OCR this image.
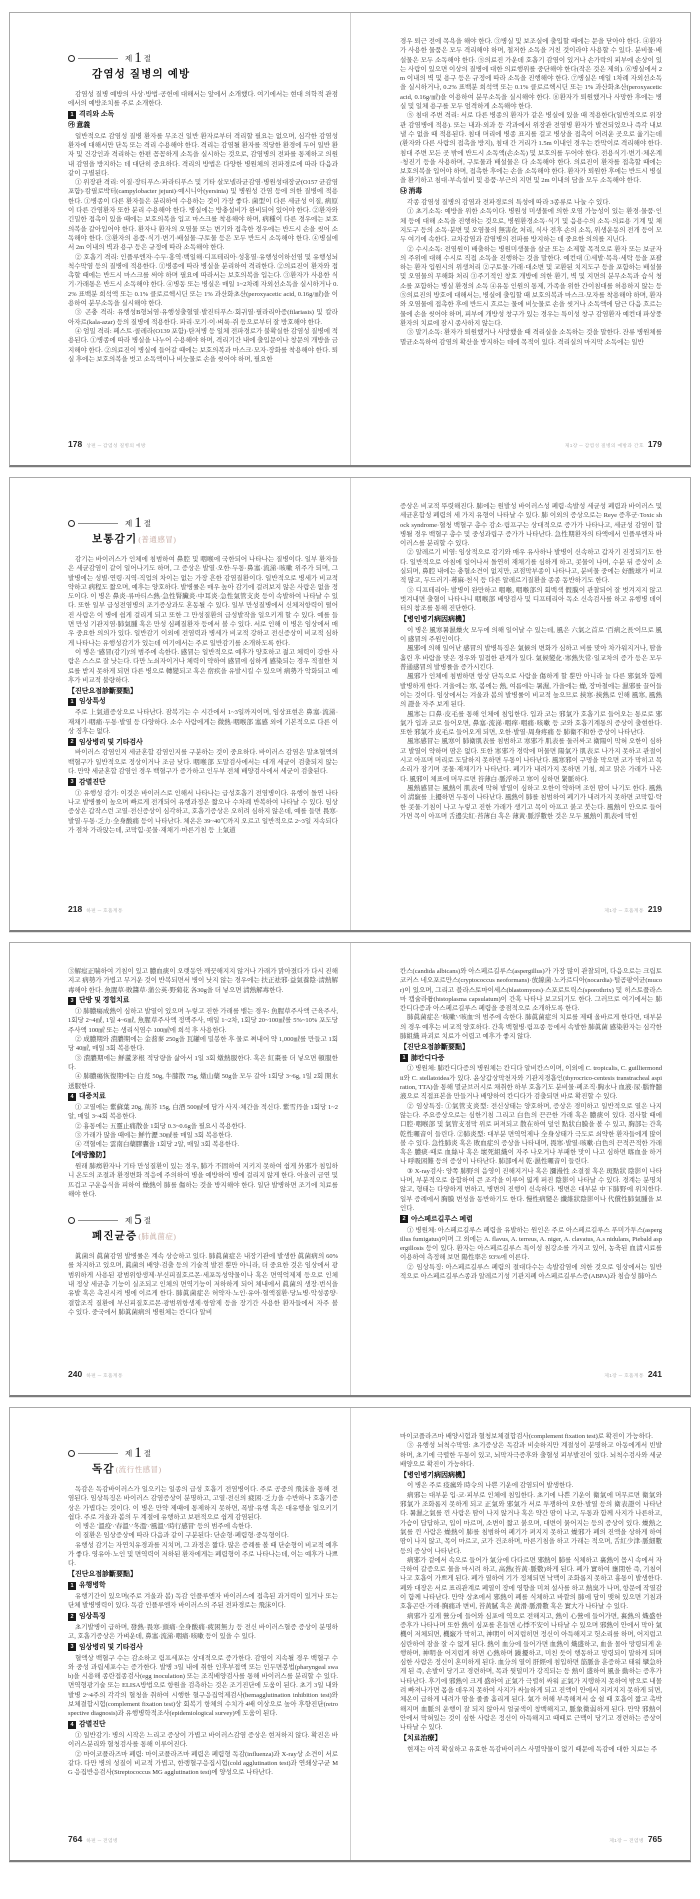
제 1 절
감염성 질병의 예방
감염성 질병 예방의 사상·방법·공헌에 대해서는 앞에서 소개했다. 여기에서는 현대 의학적 관점에서의 예방조치를 주로 소개한다.
1 격리와 소독
㉮ 意義
일반적으로 감염성 질병 환자를 무조건 일반 환자로부터 격리할 필요는 없으며, 심각한 감염성 환자에 대해서만 단독 또는 격리 수용해야 한다. 격리는 감염될 환자를 적당한 환경에 두어 일반 환자 및 건강인과 격리하는 한편 꼼꼼하게 소독을 실시하는 것으로, 감염병의 전파를 통제하고 의원 내 감염을 방지하는 데 대단히 중요하다. 격리의 방법은 다양한 병원체의 전파경로에 따라 다음과 같이 구별된다.
① 위장관 격리: 이질·장티푸스·파라티푸스 및 기타 살모넬라균감염·병원성대장균(O157 균감염 포함)·캄필로박터(campylobacter jejuni)·예시니아(yersinia) 및 병원성 간염 등에 의한 질병에 적용한다. ①병종이 다른 환자들은 분리하여 수용하는 것이 가장 좋다. 菌型이 다른 세균성 이질, 病原이 다른 간염환자 또한 분리 수용해야 한다. 병실에는 방충설비가 완비되어 있어야 한다. ②환자와 긴밀한 접촉이 있을 때에는 보호의복을 입고 마스크를 착용해야 하며, 病種이 다른 경우에는 보호의복을 갈아입어야 한다. 환자나 환자의 오염물 또는 변기와 접촉한 경우에는 반드시 손을 씻어 소독해야 한다. ③환자의 용품·식기·변기·배설물·구토물 등은 모두 반드시 소독해야 한다. ④병실에서 2m 이내의 벽과 용구 등은 규정에 따라 소독해야 한다.
② 호흡기 격리: 인플루엔자·수두·홍역·백일해·디프테리아·성홍열·유행성이하선염 및 유행성뇌척수막염 등의 질병에 적용한다. ①병종에 따라 병실을 분리하여 격리한다. ②의료진이 환자와 접촉할 때에는 반드시 마스크를 써야 하며 필요에 따라서는 보호의복을 입는다. ③환자가 사용한 식기·가래통은 반드시 소독해야 한다. ④병동 또는 병실은 매일 1~2차례 자외선소독을 실시하거나 0.2% 표백분 희석액 또는 0.1% 클로르헥시딘 또는 1% 과산화초산(peroxyacetic acid, 0.16g/㎖)을 이용하여 분무소독을 실시해야 한다.
③ 곤충 격리: 유행성B형뇌염·유행성출혈열·발진티푸스·회귀열·필라리아증(filariasis) 및 칼라아자르(kala-azar) 등의 질병에 적용한다. 파리·모기·이·벼룩·쥐 등으로부터 잘 방호해야 한다.
④ 엄밀 격리: 페스트·콜레라(O139 포함)·탄저병 등 일체 전파경로가 불확실한 감염성 질병에 적용된다. ①병종에 따라 병실을 나누어 수용해야 하며, 격리기간 내에 출입문이나 창문의 개방을 금지해야 한다. ②의료진이 병실에 들어갈 때에는 보호의복과 마스크·모자·장화를 착용해야 한다. 퇴실 후에는 보호의복을 벗고 소독액이나 비눗물로 손을 씻어야 하며, 필요한
178 상편 ─ 감염성 질병의 예방
경우 퇴근 전에 목욕을 해야 한다. ③병실 및 보조실에 출입할 때에는 문을 닫아야 한다. ④환자가 사용한 물품은 모두 격리해야 하며, 철저한 소독을 거친 것이라야 사용할 수 있다. 분비물·배설물은 모두 소독해야 한다. ⑤의료진 가운데 호흡기 감염이 있거나 손가락의 피부에 손상이 있는 사람이 있으면 이상의 질병에 대한 의료행위를 중단해야 한다(작은 것은 제외). ⑥병실에서 2m 이내의 벽 및 용구 등은 규정에 따라 소독을 진행해야 한다. ⑦병실은 매일 1차례 자외선소독을 실시하거나, 0.2% 표백분 희석액 또는 0.1% 클로르헥시딘 또는 1% 과산화초산(peroxyacetic acid, 0.16g/㎖)을 이용하여 분무소독을 실시해야 한다. ⑧환자가 퇴원했거나 사망한 후에는 병실 및 일체 용구를 모두 엄격하게 소독해야 한다.
⑤ 침대 주변 격리: 서로 다른 병종의 환자가 같은 병실에 있을 때 적용한다(일반적으로 위장관 감염병에 적용). 또는 내과·외과 등 각과에서 위장관 전염병 환자가 발견되었으나 즉각 내보낼 수 없을 때 적용된다. 침대 머리에 병종 표지를 걸고 병상을 접촉이 어려운 곳으로 옮기는데(환자와 다른 사람의 접촉을 방지), 침대 간 거리가 1.5m 이내인 경우는 칸막이로 격리해야 한다. 침대 주변 모든 곳 밖에 반드시 소독액(손소독) 및 보호의를 두어야 한다. 전용식기·변기·체온계·청진기 등을 사용하며, 구토물과 배설물은 다 소독해야 한다. 의료진이 환자를 접촉할 때에는 보호의복을 입어야 하며, 접촉한 후에는 손을 소독해야 한다. 환자가 퇴원한 후에는 반드시 병실을 환기하고 침대·부속설비 및 용품·부근의 지면 및 2m 이내의 담을 모두 소독해야 한다.
㉯ 消毒
각종 감염성 질병의 감염과 전파경로의 특성에 따라 3종류로 나눌 수 있다.
① 초기소독: 예방을 위한 소독이다. 병원성 미생물에 의한 오염 가능성이 있는 환경·물품·인체 등에 대해 소독을 진행하는 것으로, 병원환경소독·식기 및 음용수의 소독·의료용 기계 및 채지도구 등의 소독·분변 및 오염물의 無害化 처리, 식사 전후 손의 소독, 위생운동의 전개 등이 모두 여기에 속한다. 교차감염과 감염병의 전파를 방지하는 데 중요한 의의를 지닌다.
② 수시소독: 전염원이 배출하는 병원미생물을 살균 또는 소제할 목적으로 환자 또는 보균자의 주위에 대해 수시로 직접 소독을 진행하는 것을 말한다. 예컨대 ①세발·목욕·세탁 등을 포괄하는 환자 입원시의 위생처리 ②구토물·가래·대소변 및 교환된 치지도구 등을 포함하는 배설물 및 오염물의 무해화 처리 ③주기적인 창호 개방에 의한 환기, 벽 및 지면의 분무소독과 습식 청소를 포함하는 병실 환경의 소독 ④유동 인원의 통제, 가족을 위한 간이침대를 허용하지 않는 등 ⑤의료진의 방호에 대해서는, 병실에 출입할 때 보호의복과 마스크·모자를 착용해야 하며, 환자와 오염물에 접촉한 후에 반드시 흐르는 물에 비눗물로 손을 씻거나 소독액에 담근 다음 흐르는 물에 손을 씻어야 하며, 피부에 개방성 창구가 있는 경우는 특이성 창구 감염환자 예컨대 파상풍 환자의 치료에 잠시 종사하지 않는다.
③ 말기소독: 환자가 퇴원했거나 사망했을 때 격리실을 소독하는 것을 말한다. 잔류 병원체를 멸균소독하여 감염의 확산을 방지하는 데에 목적이 있다. 격리실의 마지막 소독에는 일반
제1장 ─ 감염성 질병의 예방과 간호 179
제 1 절
보통감기(普通感冒)
감기는 바이러스가 인체에 침범하여 鼻腔 및 咽喉에 국한되어 나타나는 질병이다. 일부 환자들은 세균감염이 같이 일어나기도 하며, 그 증상은 발열·오한·두통·鼻塞·流涕·咳嗽 위주가 되며, 그 발병에는 성별·연령·지역·직업의 차이는 없는 가장 흔한 감염질환이다. 일반적으로 병세가 비교적 약하고 病程도 짧으며, 예후는 양호하다. 발병률은 매우 높아 감기에 걸려보지 않은 사람은 없을 정도이다. 이 병은 鼻炎·류마티스熱·急性腎臟炎·中耳炎·急性氣管支炎 등이 속발하여 나타날 수 있다. 또한 일부 급성전염병의 조기증상과도 혼동될 수 있다. 일부 만성질병에서 신체저항력이 떨어진 사람은 이 병에 쉽게 걸리게 되고 또한 그 만성질환의 급성발작을 일으키게 할 수 있다. 예를 들면 만성 기관지염·肺氣腫 혹은 만성 심폐질환자 등에서 볼 수 있다. 서로 인해 이 병은 임상에서 매우 중요한 의의가 있다. 일반감기 이외에 전염력과 병세가 비교적 강하고 전신증상이 비교적 심하게 나타나는 유행성감기가 있는데 여기에서는 주로 일반감기를 소개하도록 한다.
이 병은 '感冒(감기)'의 범주에 속한다. 感冒는 일반적으로 예후가 양호하고 젊고 체력이 강한 사람은 스스로 잘 낫는다. 다만 노쇠자이거나 체력이 약하여 感冒에 심하게 感染되는 경우 적절한 치료를 받지 못하게 되면 다른 병으로 轉變되고 혹은 宿疾을 유발시킬 수 있으며 病勢가 악화되고 예후가 비교적 불량하다.
【진단요점診斷要點】
1 임상특성
주로 上氣道증상으로 나타난다. 잠복기는 수 시간에서 1~3일까지이며, 임상표현은 鼻塞·流涕·재채기·咽痛·두통·발열 등 다양하다. 소수 사람에게는 微熱·咽喉部 塞感 외에 기본적으로 다른 이상 징후는 없다.
2 임상병리 및 기타검사
바이러스 감염인지 세균혼합 감염인지를 구분하는 것이 중요하다. 바이러스 감염은 말초혈액의 백혈구가 일반적으로 정상이거나 조금 낮다. 咽喉部 도말검사에서는 대개 세균이 검출되지 않는다. 만약 세균혼합 감염인 경우 백혈구가 증가하고 인두부 전체 배양검사에서 세균이 검출된다.
3 감별진단
① 유행성 감기: 이것은 바이러스로 인해서 나타나는 급성호흡기 전염병이다. 유행이 돌연 나타나고 발병률이 높으며 빠르게 전개되어 유행과정은 짧으나 수차례 반복하여 나타날 수 있다. 임상증상은 갑작스런 고열·전신증상이 심각하고, 호흡기증상은 오히려 심하지 않은데, 예를 들면 畏寒·발열·두통·乏力·全身酸痛 등이 나타난다. 체온은 39~40℃까지 오르고 일반적으로 2~3일 지속되다가 점차 가라앉는데, 코막힘·콧물·재채기·마른기침 등 上氣道
218 하편 ─ 호흡계통
증상은 비교적 뚜렷해진다. 肺에는 원발성 바이러스성 폐렴·속발성 세균성 폐렴과 바이러스 및 세균혼합성 폐렴의 세 가지 유형이 나타날 수 있다. 肺 이외의 증상으로는 Reye 증후군·Toxic shock syndrome·혈청 백혈구 총수 감소·림프구는 상대적으로 증가가 나타나고, 세균성 감염이 합병될 경우 백혈구 총수 및 중성과립구 증가가 나타난다. 急性期환자의 타액에서 인플루엔자 바이러스를 분리할 수 있다.
② 알레르기 비염: 임상적으로 감기와 매우 유사하나 발병이 신속하고 갑자기 진정되기도 한다. 일반적으로 아침에 일어나서 돌연히 재채기를 심하게 하고, 콧물이 나며, 수분 뒤 증상이 소실되며, 鼻腔 내에는 충혈소견이 없지만, 코점막부종이 나타나고, 분비물 중에는 好酸球가 비교적 많고, 두드러기·蕁麻·천식 등 다른 알레르기질환을 종종 동반하기도 한다.
③ 디프테리아: 발병이 완만하고 咽喉, 咽喉部의 회백색 假膜이 관찰되어 잘 벗겨지지 않고 벗겨내면 출혈이 나타나니 咽喉部 배양검사 및 디프테리아 독소 신속검사를 하고 유행병 데이터의 참조를 통해 진단한다.
【병인병기病因病機】
이 병은 風寒暑濕燥火 모두에 의해 일어날 수 있는데, 風은 六氣之首로 '百病之長'이므로 風이 感冒의 주원인이다.
風邪에 의해 일어난 感冒의 발병특징은 氣候의 변화가 심하고 비를 맞아 차가워지거나, 땀을 흘린 후 바람을 맞은 경우와 밀접한 관계가 있다. 氣候變化·寒熱失常·일교차의 증가 등은 모두 普通感冒의 발병률을 증가시킨다.
風邪가 인체에 침범하면 항상 단독으로 사람을 傷하게 할 뿐만 아니라 늘 다른 邪氣와 함께 발병하게 한다. 겨울에는 寒, 봄에는 熱, 여름에는 暑濕, 가을에는 燥, 장마철에는 濕邪를 끌어들이는 것이다. 임상에서는 겨울과 봄의 발병률이 비교적 높으므로 挾寒·挾熱로 인해 風寒, 風熱의 證을 자주 보게 된다.
風寒는 口鼻·皮毛를 통해 인체에 침입한다. 입과 코는 邪氣가 호흡기로 들어오는 통로로 邪氣가 입과 코로 들어오면, 鼻塞·流涕·咽痒·咽痛·咳嗽 등 코와 호흡기계통의 증상이 출현한다. 또한 邪氣가 皮毛로 들어오게 되면, 오한·발열·周身疼痛 등 肺衛不和한 증상이 나타난다.
風寒感冒는 風寒이 肺衛肌表를 침범하고 寒邪가 肌表를 둘러싸고 衛陽이 막혀 오한이 심하고 발열이 약하며 땀은 없다. 또한 寒邪가 경락에 머물면 陽氣가 肌表로 나가지 못하고 관절이 시고 아프며 머리로 도달하지 못하면 두통이 나타난다. 風寒邪이 구멍을 막으면 코가 막히고 목소리가 잠기며 콧물·재채기가 나타난다. 폐기가 내려가지 못하면 기침, 희고 맑은 가래가 나온다. 風邪이 체표에 머무르면 苔薄白·脈浮하고 寒이 심하면 緊脈하다.
風熱感冒는 風熱이 肌表에 막혀 발열이 심하고 오한이 약하며 조헌 땀이 나기도 한다. 風熱이 淸竅를 上擾하면 두통이 나타난다. 風熱이 肺를 침범하여 폐기가 내려가지 못하면 코막힘·탁한 콧물·기침이 나고 누렇고 진한 가래가 생기고 목이 아프고 붉고 붓는다. 風熱이 안으로 들어가면 목이 아프며 舌邊尖紅·苔薄白 혹은 薄黃·脈浮數한 것은 모두 風熱이 肌表에 막힌
제1장 ─ 호흡계통 219
③解痙正喘하여 기침이 있고 膿血痰이 오랫동안 깨끗해지지 않거나 가래가 맑아졌다가 다시 진해지고 病勢가 가볍고 무거운 것이 반복되면서 병이 낫지 않는 경우에는 扶正祛邪·益氣養陰·淸熱解毒해야 한다. 魚腥草·敗醬草·蒲公英·野菊花 各30g을 더 넣으면 淸熱解毒한다.
3 단방 및 경험치료
① 肺膿瘍成熱이 심하고 발열이 있으며 누렇고 진한 가래를 뱉는 경우: 魚腥草주사액 근육주사, 1회당 2~4㎖, 1일 4~6㎖, 魚腥草주사액 정맥주사, 매일 1~2차, 1회당 20~100㎖를 5%~10% 포도당주사액 100㎖ 또는 생리식염수 100㎖에 희석 후 사용한다.
② 成膿期와 潰膿期에는 金蕎麥 250g을 瓦罐에 밀봉한 후 물로 쪄내어 약 1,000㎖를 만들고 1회당 40㎖, 매일 3회 복용한다.
③ 潰膿期에는 鮮蘆茅根 적당량을 삶아서 1일 3회 燉熱服한다. 혹은 紅棗를 더 넣으면 頓服한다.
④ 肺膿瘍恢復期에는 白芨 50g, 牛膝散 75g, 燉山藥 50g을 모두 갈아 1회당 3~6g, 1일 2회 開水送服한다.
4 대증치료
① 고열에는 紫蘇葉 20g, 荊芥 15g, 白酒 500㎖에 담가 사지·체간을 적신다. 紫雪丹을 1회당 1~2알, 매일 3~4회 복용한다.
② 흉통에는 五靈止痛散을 1회당 0.3~0.6g을 필요시 복용한다.
③ 가래가 많을 때에는 鮮竹瀝 30㎖를 매일 3회 복용한다.
④ 객혈에는 雲南白藥膠囊을 1회당 2알, 매일 3회 복용한다.
【예방豫防】
원래 肺癆환자나 기타 만성질환이 있는 경우, 肺가 不固하여 지키지 못하여 쉽게 外邪가 침입하니 온도의 조절과 환경변화 적응에 주의하여 병을 예방하여 병에 걸리지 않게 한다. 아울러 금연 및 뜨겁고 구운음식을 피하여 燥熱이 肺를 傷하는 것을 방지해야 한다. 일단 발병하면 조기에 치료를 해야 한다.
제 5 절
폐진균증(肺眞菌症)
眞菌의 眞菌감염 발병률은 계속 상승하고 있다. 肺眞菌症은 내장기관에 발생한 眞菌病의 60%를 차지하고 있으며, 眞菌의 배양·검출 등의 기술적 발전 뿐만 아니라, 더 중요한 것은 임상에서 광범위하게 사용된 광범위항생제·부신피질호르몬·세포독성약물이나 혹은 면역억제제 등으로 인체 내 정상 세균총 기능이 실조되고 인체의 면역기능이 저하하게 되어 체내에서 眞菌의 생장·번식을 유발 혹은 촉진시켜 병에 이르게 한다. 肺眞菌症은 허약자·노인·유아·혈액질환·당뇨병·악성종양·결합조직 질환에 부신피질호르몬·광범위항생제·항암제 등을 장기간 사용한 환자들에서 자주 볼 수 있다. 중국에서 肺眞菌病의 병원체는 칸디다 알비
240 하편 ─ 호흡계통
칸스(candida albicans)와 아스페르길루스(aspergillus)가 가장 많이 관찰되며, 다음으로는 크립토코커스 네오포르만스(cryptococcus neoformans)·放線菌·노카르디아(nocardia)·털곰팡이균(mucor)이 있으며, 그리고 블라스토마이세스(blastomyces)·스포로트릭스(sporothrix) 및 히스토플라스마 캡슐라튬(histoplasma capsulatum)이 간혹 나타나 보고되기도 한다. 그러므로 여기에서는 肺칸디다증과 아스페르길루스 폐렴을 중점적으로 소개하도록 한다.
肺眞菌症은 '咳嗽'·'咳血'의 범주에 속한다. 肺眞菌症의 치료를 제때 올바르게 한다면, 대부분의 경우 예후는 비교적 양호하다. 간혹 백혈병·림프종 등에서 속발한 肺眞菌 感染환자는 심각한 肺組織 파괴로 치료가 어렵고 예후가 좋지 않다.
【진단요점診斷要點】
1 肺칸디다증
① 병원체: 肺칸디다증의 병원체는 칸디다 알비칸스이며, 이외에 C. tropicalis, C. guilliermondii와 C. stellatoidea가 있다. 윤상갑상막천자와 기관지경흡인(thyrocrico-centesis transtracheal aspiration, TTA)을 통해 멸균브러시로 채취한 하부 호흡기도 분비물·폐조직·胸水나 血液·尿·腦脊髓液으로 직접표본을 만들거나 배양하여 칸디다가 검출되면 바로 확진할 수 있다.
② 임상특징: ①氣管支炎型: 전신상태는 양호하며, 증상은 경미하고 일반적으로 열은 나지 않는다. 주요증상으로는 심한기침 그리고 白色의 끈끈한 가래 혹은 膿痰이 있다. 검사할 때에 口腔·咽喉部 및 氣管支점막 위로 퍼져되고 散在하여 덮인 點狀白膜을 볼 수 있고, 胸部는 간혹 乾性囉音이 들린다. ②肺炎型: 대부분 면역억제나 全身상태가 극도로 쇠약한 환자들에게 많이 볼 수 있다. 急性肺炎 혹은 敗血症의 증상을 나타내며, 畏寒·발열·咳嗽·白色의 끈적끈적한 가래 혹은 膿痰·때로 血絲나 혹은 壞死組織이 자주 나오거나 부패한 맛이 나고 심하면 喀血을 하거나 呼吸困難 등의 증상이 나타난다. 肺部에서 乾·濕性囉音이 들린다.
③ X-ray검사: 양쪽 肺野의 음영이 진해지거나 혹은 瀰漫性 소결절 혹은 斑點狀 陰影이 나타나며, 부분적으로 융합하여 큰 조각을 이루어 엷게 퍼진 陰影이 나타날 수 있다. 경계는 분명치 않고, 형태는 다양하게 변하고, 병변의 진행이 신속하다. 병변은 대부분 中下肺野에 위치한다. 일부 증례에서 胸膜 변성을 동반하기도 한다. 慢性病變은 纖維狀陰影이나 代償性肺氣腫을 보인다.
2 아스페르길루스 폐렴
① 병원체: 아스페르길루스 폐렴을 유발하는 원인은 주로 아스페르길루스 푸미가투스(aspergillus fumigatus)이며 그 외에는 A. flavus, A. terreus, A. niger, A. clavatus, A.s nidulans, Piebald aspergillosis 등이 있다. 환자는 아스페르길루스 특이성 침강소를 가지고 있어, 농축된 血淸시료를 이용하여 측정해 보면 陽性率은 93%에 이른다.
② 임상특징: 아스페르길루스 폐렴의 절대다수는 속발감염에 의한 것으로 임상에서는 일반적으로 아스페르길루스종과 알레르기성 기관지폐 아스페르길루스증(ABPA)과 침습성 肺아스
제1장 ─ 호흡계통 241
제 1 절
독감(流行性感冒)
독감은 독감바이러스가 일으키는 일종의 급성 호흡기 전염병이다. 주로 공중의 飛沫을 통해 전염된다. 임상특징은 바이러스 감염증상이 분명하고, 고열·전신의 疲困·乏力을 수반하나 호흡기증상은 가볍다는 것이다. 이 병은 만약 제때에 통제하지 못하면, 폭발·유행 혹은 대유행을 일으키기 쉽다. 주로 겨울과 봄의 두 계절에 유행하고 보편적으로 쉽게 감염된다.
이 병은 '溫疫'·'春溫'·'冬溫'·'風溫'·'時行感冒' 등의 범주에 속한다.
이 질환은 임상증상에 따라 다음과 같이 구분된다: 단순형·폐렴형·중독형이다.
유행성 감기는 자연치유경과를 지치며, 그 과정은 짧다. 많은 증례를 볼 때 단순형이 비교적 예후가 좋다. 영유아·노인 및 면역력이 저하된 환자에게는 폐렴형이 주로 나타나는데, 이는 예후가 나쁘다.
【진단요점診斷要點】
1 유행병학
유행기간이 있으며(주로 겨울과 봄) 독감 인플루엔자 바이러스에 접촉된 과거력이 있거나 또는 단체 발병병력이 있다. 독감 인플루엔자 바이러스의 주된 전파경로는 飛沫이다.
2 임상특징
초기발병이 급하며, 發熱·畏寒·頭痛·全身酸痛·疲困無力 등 전신 바이러스혈증 증상이 분명하고, 호흡기증상은 가벼운데, 鼻塞·流涕·咽痛·咳嗽 등이 있을 수 있다.
3 임상병리 및 기타검사
혈액상 백혈구 수는 감소하고 림프세포는 상대적으로 증가한다. 감염이 지속될 경우 백혈구 수와 중성 과립세포수는 증가한다. 발병 3일 내에 취한 인후부접액 또는 인두면봉법(pharyngeal swab)을 시용해 종란접종검사(egg inoculation) 또는 조직배양검사를 통해 바이러스를 분리할 수 있다. 면역형광기술 또는 ELISA방법으로 항원을 검측하는 것은 조기진단에 도움이 된다. 초기 3일 내와 발병 2~4주의 각각의 혈청을 취하여 시행한 혈구응집억제검사(hemagglutination inhibition test)와 보체결합시험(complement fixation test)상 회복기 항체의 수치가 4배 이상으로 높아 후향진단(retrospective diagnosis)과 유행병학적조사(epidemiological survey)에 도움이 된다.
4 감별진단
① 일반감기: 병의 시작은 느리고 증상이 가볍고 바이러스감염 증상은 현저하지 않다. 확진은 바이러스분리와 혈청검사를 통해 이루어진다.
② 마이코플라즈마 폐렴: 마이코플라즈마 폐렴은 폐렴형 독감(influenza)과 X-ray상 소견이 서로 같다. 다만 병의 성질이 비교적 가볍고, 한랭혈구응집시험(cold agglutination test)과 연쇄상구균 MG 응집반응검사(Streptococcus MG agglutination test)에 양성으로 나타난다.
764 하편 ─ 전염병
마이코플라즈마 배양시험과 혈청보체결합검사(complement fixation test)로 확진이 가능하다.
③ 유행성 뇌척수막염: 초기증상은 독감과 비슷하지만 계절성이 분명하고 아동에게서 빈발하며, 초기에 극렬한 두통이 있고, 뇌막자극증후와 출혈성 피부발진이 있다. 뇌척수검사와 세균배양으로 확진이 가능하다.
【병인병기病因病機】
이 병은 주로 疫癘와 時令의 나쁜 기운에 감염되어 발생한다.
病邪는 대부분 입·코·피부로 인체에 침입한다. 초기에 나쁜 기운이 衛氣에 머무르면 衛氣와 邪氣가 조화롭지 못하게 되고 正氣와 邪氣가 서로 투쟁하여 오한·발열 등의 衛表證이 나타난다. 暑濕之氣를 낀 사람은 땀이 나지 않거나 혹은 약간 땀이 나고, 두통과 함께 사지가 나른하고, 가슴이 답답하고, 입이 마르며, 소변이 짧고 붉으며, 대변이 묽어지는 등의 증상이 있다. 燥熱之氣를 낀 사람은 燥熱이 肺를 침범하여 폐기가 펴지지 못하고 燥邪가 폐의 진액을 상하게 하여 땀이 나지 않고, 목이 마르고, 코가 건조하며, 마른기침을 하고 가래는 적으며, 舌紅少津·脈細數 등의 증상이 나타난다.
病邪가 겉에서 속으로 들어가 氣分에 다다르면 邪熱이 肺를 식체하고 裏熱이 몹시 속에서 자극하여 갈증으로 물을 마시려 하고, 高熱(苔黃·脈數)하게 된다. 폐가 實하여 壅閉한 즉, 기침이 나고 호흡이 가쁘게 된다. 폐가 열하여 기가 정체되면 낙맥이 조화롭지 못하고 흉통이 발생한다. 폐와 대장은 서로 표리관계로 폐열이 장에 영향을 미쳐 설사를 하고 熱臭가 나며, 항문에 작열감이 함께 나타난다. 만약 상초에서 邪熱이 폐를 식체하고 바깥의 肺에 담이 맺혀 있으면 기침과 호흡곤란·가래·胸痛과 변비, 苔黃膩 혹은 黃滑·脈滑數 혹은 實大가 나타날 수 있다.
病邪가 깊게 營分에 들어와 심포에 역으로 전해지고, 熱이 心營에 들어가면, 裏熱의 熾盛한 증후가 나타나며 또한 熱이 심포를 흔들면 心悸不安이 나타날 수 있으며 邪熱이 안에서 막아 氣機이 저체되면, 機竅가 막히고, 神明이 어지럽히면 정신이 아득해지고 헛소리를 하며, 어지럽고 심란하여 잠을 잘 수 없게 된다. 熱이 血分에 들어가면 血熱이 熾盛하고, 血을 몰아 망령되게 운행하며, 神明을 어지럽게 하면 心熱하며 躁擾하고, 미친 듯이 행동하고 망령되이 말하게 되며 심한 사람은 정신이 혼미하게 된다. 血分의 열이 肝經에 침입하면 筋脈을 훈증하고 태워 攣急하게 된 즉, 손발이 당기고 경련하며, 목과 뒷덜미가 강직되는 등 熱이 盛하여 風을 動하는 증후가 나타난다. 후기에 邪熱이 크게 盛하여 正氣가 극렬히 싸워 正氣가 지탱하지 못하여 밖으로 내몰려 빠져나가면 몸을 데우지 못하여 사지가 싸늘하게 되고 진액이 안에서 지켜지지 못하게 되면, 체온이 급하게 내려가 땀을 줄줄 흘리게 된다. 氣가 허해 부족해져서 숨 쉴 때 호흡이 짧고 촉박해지며 血脈의 운행이 잘 되지 않아서 얼굴색이 창백해지고, 脈象微弱하게 된다. 만약 邪熱이 안에서 막혀있는 것이 심한 사람은 정신이 아득해지고 때때로 근맥이 당기고 경련하는 증상이 나타날 수 있다.
【치료治療】
현재는 아직 확실하고 유효한 독감바이러스 사멸약물이 없기 때문에 독감에 대한 치료는 주
제1장 ─ 전염병 765
